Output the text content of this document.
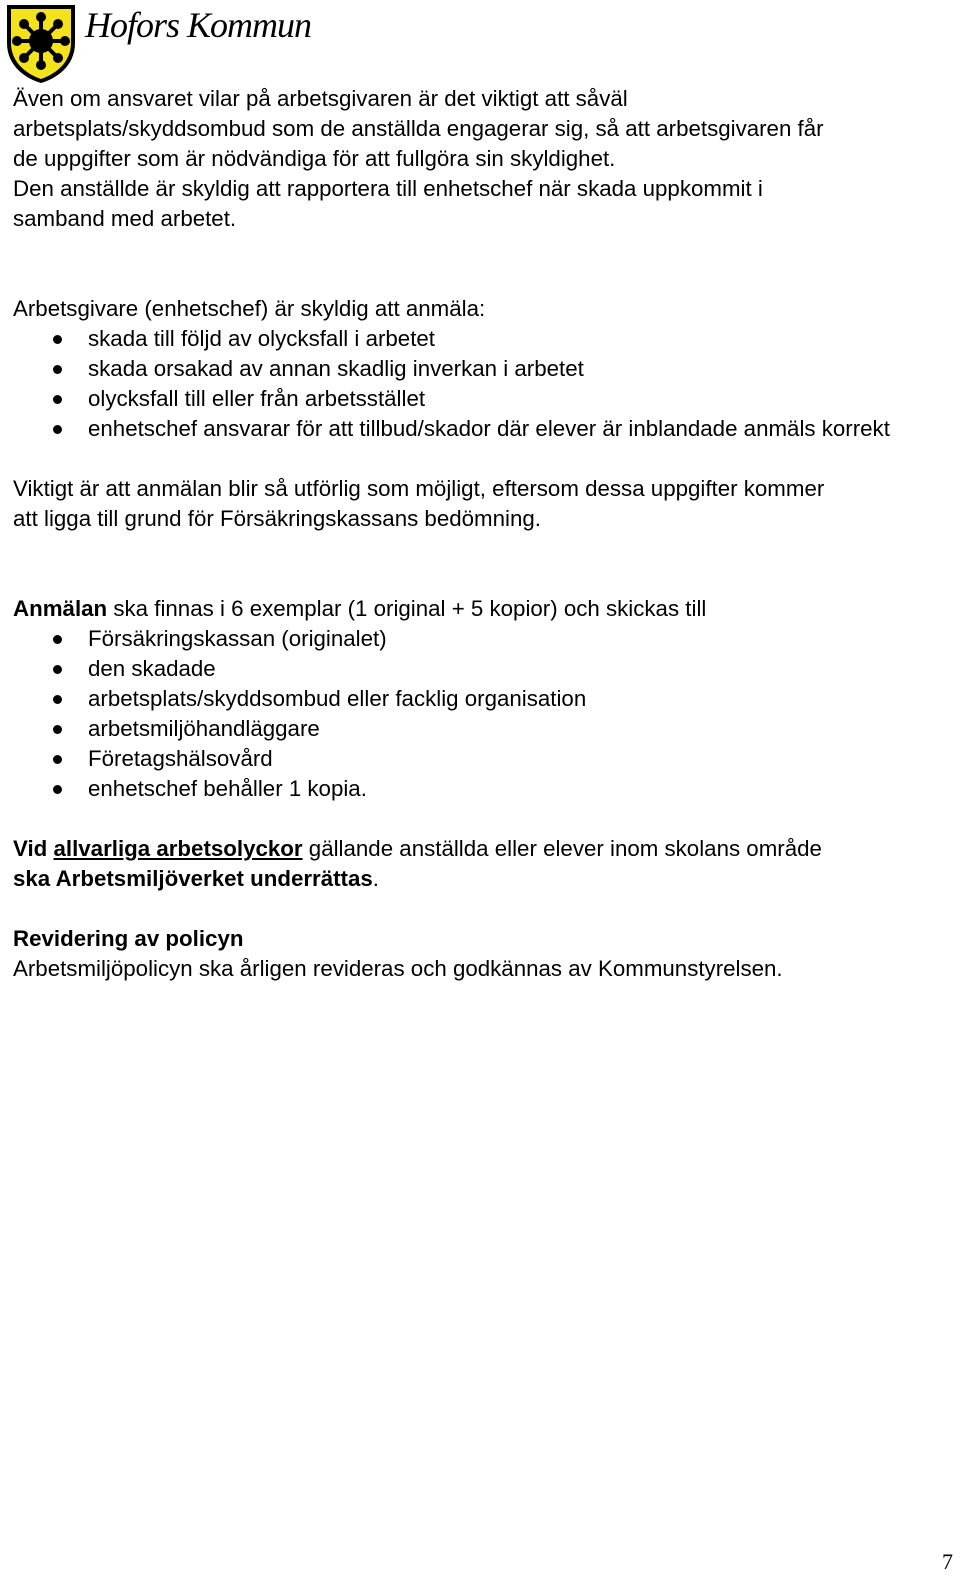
Hofors Kommun

Även om ansvaret vilar på arbetsgivaren är det viktigt att såväl

arbetsplats/skyddsombud som de anställda engagerar sig, så att arbetsgivaren får

de uppgifter som är nödvändiga för att fullgöra sin skyldighet.

Den anställde är skyldig att rapportera till enhetschef när skada uppkommit i

samband med arbetet.

Arbetsgivare (enhetschef) är skyldig att anmäla:

skada till följd av olycksfall i arbetet
skada orsakad av annan skadlig inverkan i arbetet
olycksfall till eller från arbetsstället
enhetschef ansvarar för att tillbud/skador där elever är inblandade anmäls korrekt

Viktigt är att anmälan blir så utförlig som möjligt, eftersom dessa uppgifter kommer

att ligga till grund för Försäkringskassans bedömning.

Anmälan ska finnas i 6 exemplar (1 original + 5 kopior) och skickas till

Försäkringskassan (originalet)
den skadade
arbetsplats/skyddsombud eller facklig organisation
arbetsmiljöhandläggare
Företagshälsovård
enhetschef behåller 1 kopia.

Vid allvarliga arbetsolyckor gällande anställda eller elever inom skolans område

ska Arbetsmiljöverket underrättas.

Revidering av policyn

Arbetsmiljöpolicyn ska årligen revideras och godkännas av Kommunstyrelsen.

7
